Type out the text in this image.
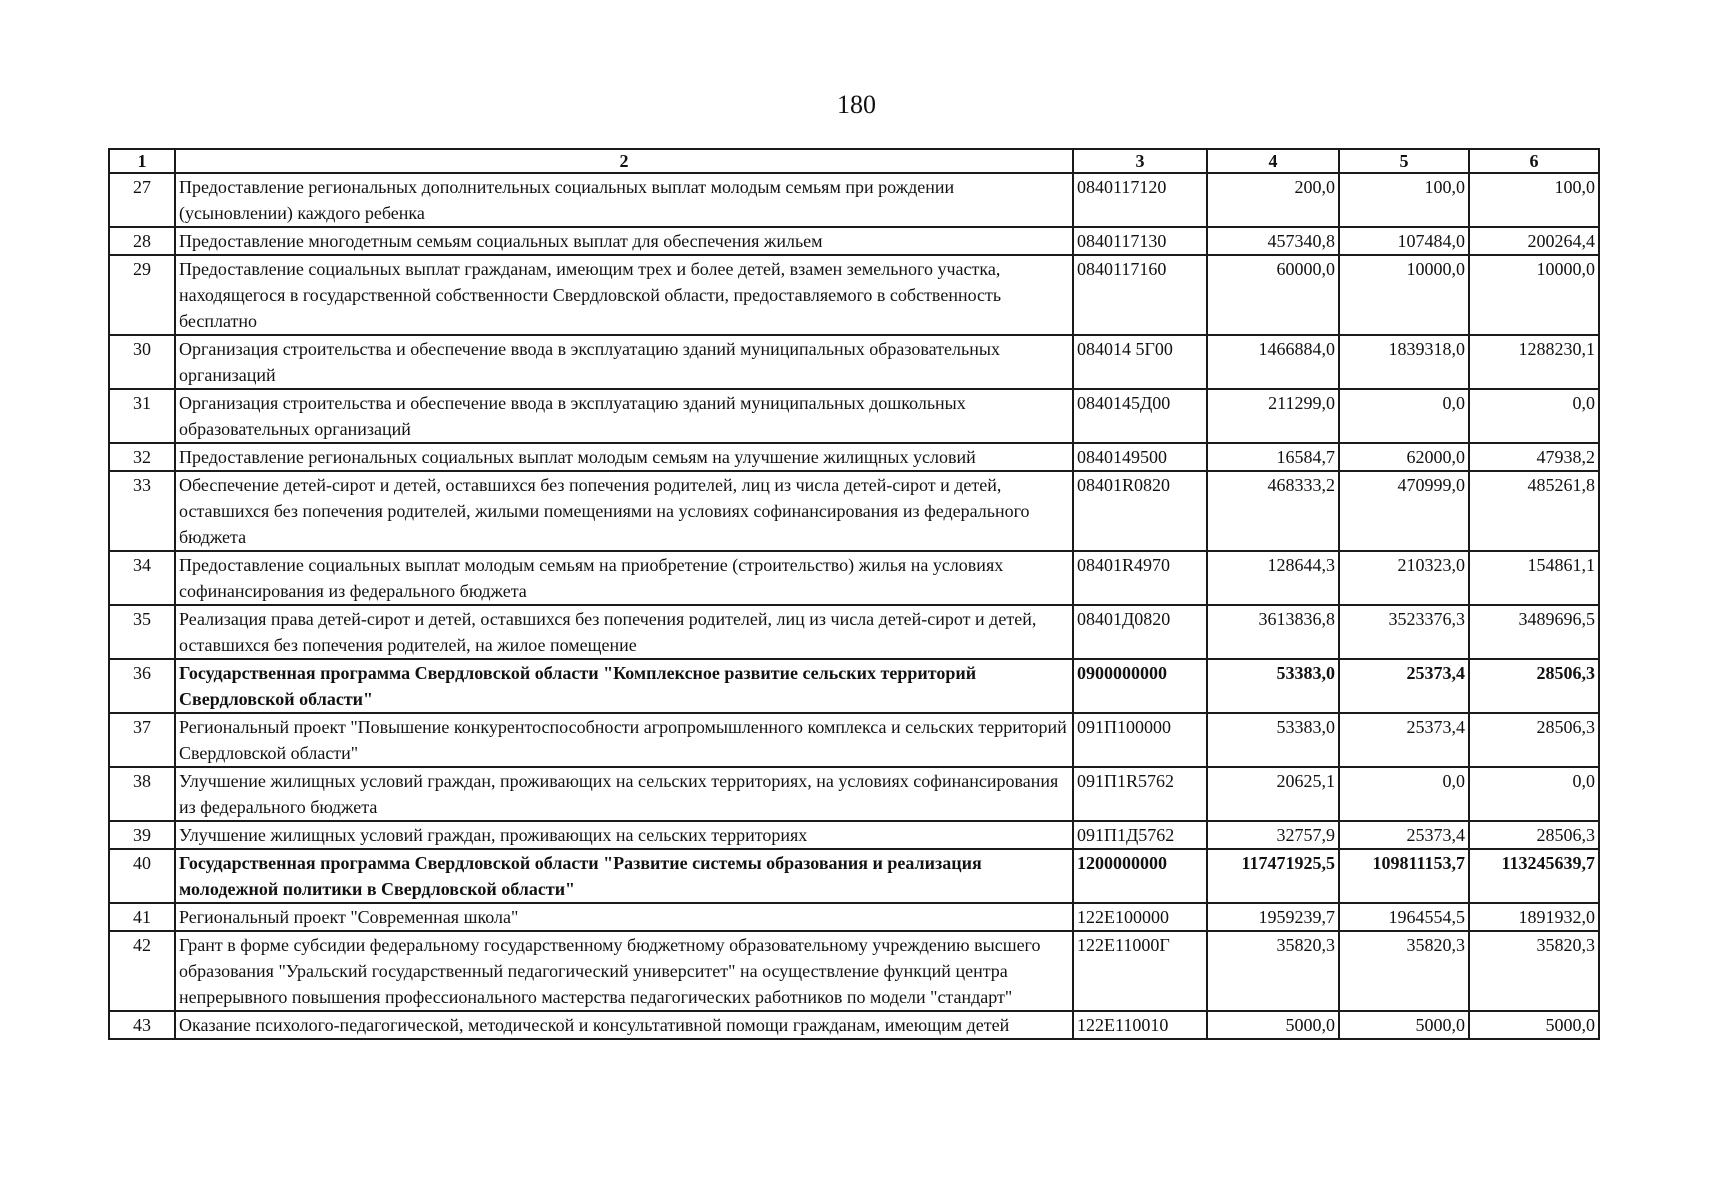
180
1	2	3	4	5	6
27	Предоставление региональных дополнительных социальных выплат молодым семьям при рождении (усыновлении) каждого ребенка	0840117120	200,0	100,0	100,0
28	Предоставление многодетным семьям социальных выплат для обеспечения жильем	0840117130	457340,8	107484,0	200264,4
29	Предоставление социальных выплат гражданам, имеющим трех и более детей, взамен земельного участка, находящегося в государственной собственности Свердловской области, предоставляемого в собственность бесплатно	0840117160	60000,0	10000,0	10000,0
30	Организация строительства и обеспечение ввода в эксплуатацию зданий муниципальных образовательных организаций	084014 5Г00	1466884,0	1839318,0	1288230,1
31	Организация строительства и обеспечение ввода в эксплуатацию зданий муниципальных дошкольных образовательных организаций	0840145Д00	211299,0	0,0	0,0
32	Предоставление региональных социальных выплат молодым семьям на улучшение жилищных условий	0840149500	16584,7	62000,0	47938,2
33	Обеспечение детей-сирот и детей, оставшихся без попечения родителей, лиц из числа детей-сирот и детей, оставшихся без попечения родителей, жилыми помещениями на условиях софинансирования из федерального бюджета	08401R0820	468333,2	470999,0	485261,8
34	Предоставление социальных выплат молодым семьям на приобретение (строительство) жилья на условиях софинансирования из федерального бюджета	08401R4970	128644,3	210323,0	154861,1
35	Реализация права детей-сирот и детей, оставшихся без попечения родителей, лиц из числа детей-сирот и детей, оставшихся без попечения родителей, на жилое помещение	08401Д0820	3613836,8	3523376,3	3489696,5
36	Государственная программа Свердловской области "Комплексное развитие сельских территорий Свердловской области"	0900000000	53383,0	25373,4	28506,3
37	Региональный проект "Повышение конкурентоспособности агропромышленного комплекса и сельских территорий Свердловской области"	091П100000	53383,0	25373,4	28506,3
38	Улучшение жилищных условий граждан, проживающих на сельских территориях, на условиях софинансирования из федерального бюджета	091П1R5762	20625,1	0,0	0,0
39	Улучшение жилищных условий граждан, проживающих на сельских территориях	091П1Д5762	32757,9	25373,4	28506,3
40	Государственная программа Свердловской области "Развитие системы образования и реализация молодежной политики в Свердловской области"	1200000000	117471925,5	109811153,7	113245639,7
41	Региональный проект "Современная школа"	122Е100000	1959239,7	1964554,5	1891932,0
42	Грант в форме субсидии федеральному государственному бюджетному образовательному учреждению высшего образования "Уральский государственный педагогический университет" на осуществление функций центра непрерывного повышения профессионального мастерства педагогических работников по модели "стандарт"	122Е11000Г	35820,3	35820,3	35820,3
43	Оказание психолого-педагогической, методической и консультативной помощи гражданам, имеющим детей	122Е110010	5000,0	5000,0	5000,0
